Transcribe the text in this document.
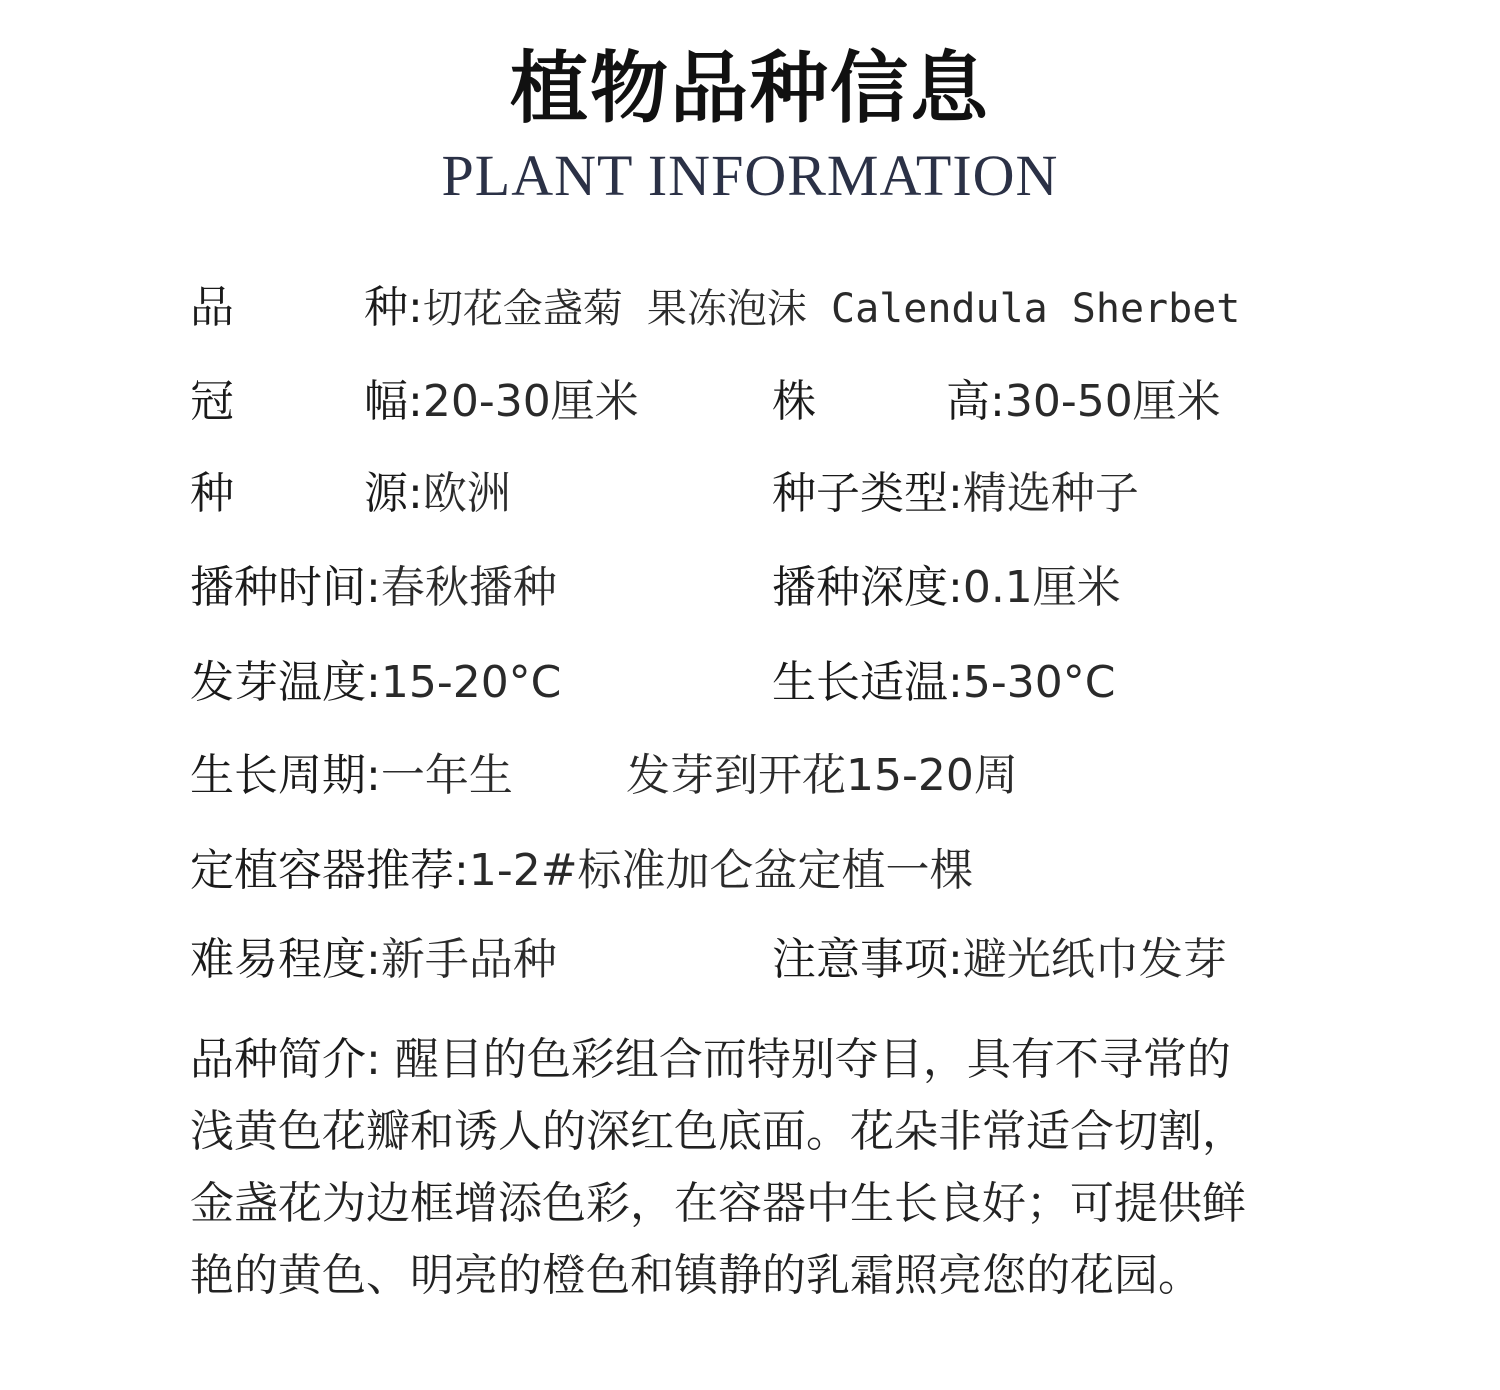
植物品种信息
PLANT INFORMATION
品	种 :切花金盏菊 果冻泡沫 Calendula Sherbet
冠	幅 :20-30厘米	株	高 :30-50厘米
种	源 :欧洲	种子类型:精选种子
播种时间:春秋播种	播种深度:0.1厘米
发芽温度:15-20°C	生长适温:5-30°C
生长周期:一年生	发芽到开花15-20周
定植容器推荐:1-2#标准加仑盆定植一棵
难易程度:新手品种	注意事项:避光纸巾发芽
品种简介: 醒目的色彩组合而特别夺目，具有不寻常的
浅黄色花瓣和诱人的深红色底面。花朵非常适合切割，
金盏花为边框增添色彩，在容器中生长良好；可提供鲜
艳的黄色、明亮的橙色和镇静的乳霜照亮您的花园。
